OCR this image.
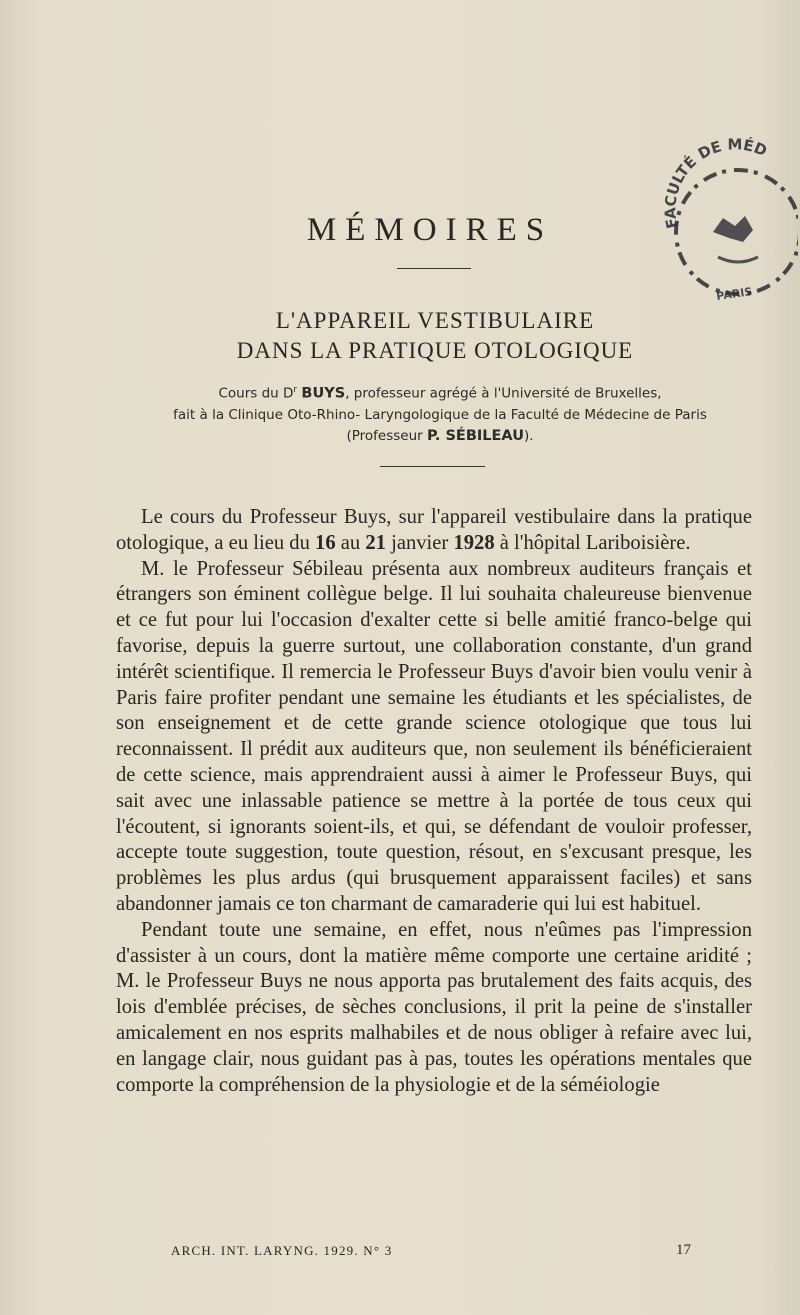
MÉMOIRES
L'APPAREIL VESTIBULAIRE
DANS LA PRATIQUE OTOLOGIQUE
Cours du $D^r$ BUYS, professeur agrégé à l'Université de Bruxelles,
fait à la Clinique Oto-Rhino- Laryngologique de la Faculté de Médecine de Paris
(Professeur P. SÉBILEAU).

Le cours du Professeur Buys, sur l'appareil vestibulaire dans la pratique otologique, a eu lieu du 16 au 21 janvier 1928 à l'hôpital Lariboisière.

M. le Professeur Sébileau présenta aux nombreux auditeurs français et étrangers son éminent collègue belge. Il lui souhaita chaleureuse bienvenue et ce fut pour lui l'occasion d'exalter cette si belle amitié franco-belge qui favorise, depuis la guerre surtout, une collaboration constante, d'un grand intérêt scientifique. Il remercia le Professeur Buys d'avoir bien voulu venir à Paris faire profiter pendant une semaine les étudiants et les spécialistes, de son enseignement et de cette grande science otologique que tous lui reconnaissent. Il prédit aux auditeurs que, non seulement ils bénéficieraient de cette science, mais apprendraient aussi à aimer le Professeur Buys, qui sait avec une inlassable patience se mettre à la portée de tous ceux qui l'écoutent, si ignorants soient-ils, et qui, se défendant de vouloir professer, accepte toute suggestion, toute question, résout, en s'excusant presque, les problèmes les plus ardus (qui brusquement apparaissent faciles) et sans abandonner jamais ce ton charmant de camaraderie qui lui est habituel.

Pendant toute une semaine, en effet, nous n'eûmes pas l'impression d'assister à un cours, dont la matière même comporte une certaine aridité ; M. le Professeur Buys ne nous apporta pas brutalement des faits acquis, des lois d'emblée précises, de sèches conclusions, il prit la peine de s'installer amicalement en nos esprits malhabiles et de nous obliger à refaire avec lui, en langage clair, nous guidant pas à pas, toutes les opérations mentales que comporte la compréhension de la physiologie et de la séméiologie

ARCH. INT. LARYNG. 1929. N° 3	17
FACULTÉ DE MÉD
PARIS
